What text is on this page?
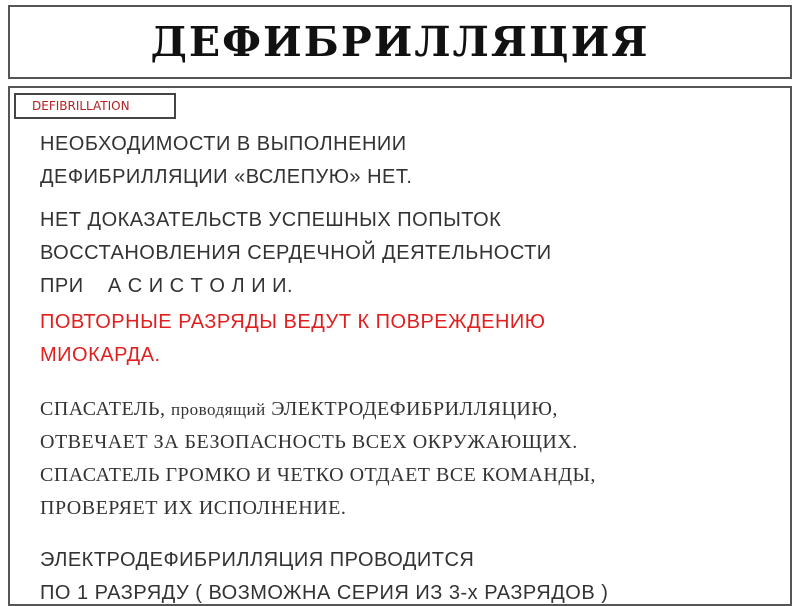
ДЕФИБРИЛЛЯЦИЯ
DEFIBRILLATION
НЕОБХОДИМОСТИ В ВЫПОЛНЕНИИ
ДЕФИБРИЛЛЯЦИИ «ВСЛЕПУЮ» НЕТ.
НЕТ ДОКАЗАТЕЛЬСТВ УСПЕШНЫХ ПОПЫТОК
ВОССТАНОВЛЕНИЯ СЕРДЕЧНОЙ ДЕЯТЕЛЬНОСТИ
ПРИ    А С И С Т О Л И И.
ПОВТОРНЫЕ РАЗРЯДЫ ВЕДУТ К ПОВРЕЖДЕНИЮ
МИОКАРДА.
СПАСАТЕЛЬ, проводящий ЭЛЕКТРОДЕФИБРИЛЛЯЦИЮ,
ОТВЕЧАЕТ ЗА БЕЗОПАСНОСТЬ ВСЕХ ОКРУЖАЮЩИХ.
СПАСАТЕЛЬ ГРОМКО И ЧЕТКО ОТДАЕТ ВСЕ КОМАНДЫ,
ПРОВЕРЯЕТ ИХ ИСПОЛНЕНИЕ.
ЭЛЕКТРОДЕФИБРИЛЛЯЦИЯ ПРОВОДИТСЯ
ПО 1 РАЗРЯДУ ( ВОЗМОЖНА СЕРИЯ ИЗ 3-х РАЗРЯДОВ )
